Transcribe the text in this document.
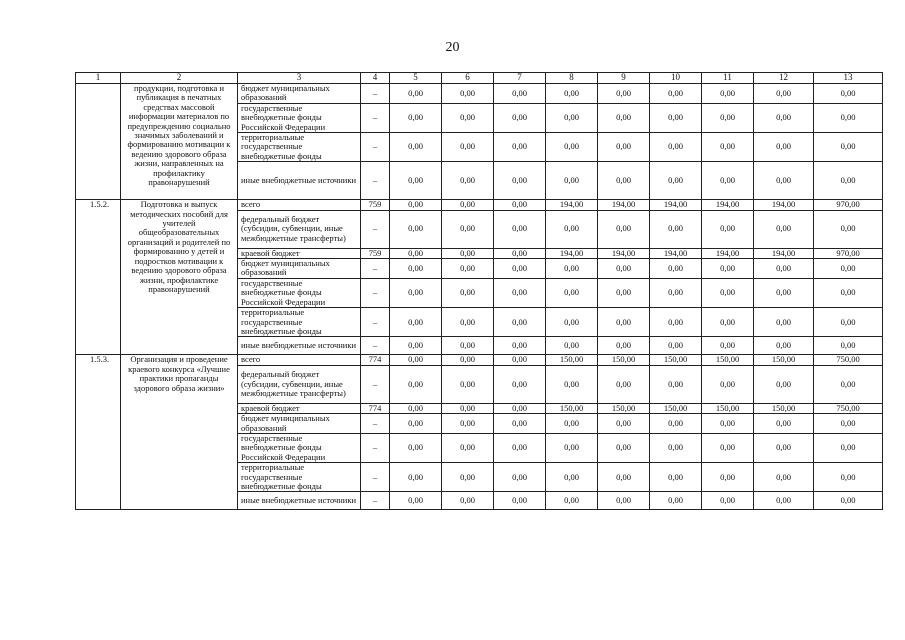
20
1	2	3	4	5	6	7	8	9	10	11	12	13
	продукции, подготовка и публикация в печатных средствах массовой информации материалов по предупреждению социально значимых заболеваний и формированию мотивации к ведению здорового образа жизни, направленных на профилактику правонарушений	бюджет муниципальных образований	–	0,00	0,00	0,00	0,00	0,00	0,00	0,00	0,00	0,00
		государственные внебюджетные фонды Российской Федерации	–	0,00	0,00	0,00	0,00	0,00	0,00	0,00	0,00	0,00
		территориальные государственные внебюджетные фонды	–	0,00	0,00	0,00	0,00	0,00	0,00	0,00	0,00	0,00
		иные внебюджетные источники	–	0,00	0,00	0,00	0,00	0,00	0,00	0,00	0,00	0,00
1.5.2.	Подготовка и выпуск методических пособий для учителей общеобразовательных организаций и родителей по формированию у детей и подростков мотивации к ведению здорового образа жизни, профилактике правонарушений	всего	759	0,00	0,00	0,00	194,00	194,00	194,00	194,00	194,00	970,00
		федеральный бюджет (субсидии, субвенции, иные межбюджетные трансферты)	–	0,00	0,00	0,00	0,00	0,00	0,00	0,00	0,00	0,00
		краевой бюджет	759	0,00	0,00	0,00	194,00	194,00	194,00	194,00	194,00	970,00
		бюджет муниципальных образований	–	0,00	0,00	0,00	0,00	0,00	0,00	0,00	0,00	0,00
		государственные внебюджетные фонды Российской Федерации	–	0,00	0,00	0,00	0,00	0,00	0,00	0,00	0,00	0,00
		территориальные государственные внебюджетные фонды	–	0,00	0,00	0,00	0,00	0,00	0,00	0,00	0,00	0,00
		иные внебюджетные источники	–	0,00	0,00	0,00	0,00	0,00	0,00	0,00	0,00	0,00
1.5.3.	Организация и проведение краевого конкурса «Лучшие практики пропаганды здорового образа жизни»	всего	774	0,00	0,00	0,00	150,00	150,00	150,00	150,00	150,00	750,00
		федеральный бюджет (субсидии, субвенции, иные межбюджетные трансферты)	–	0,00	0,00	0,00	0,00	0,00	0,00	0,00	0,00	0,00
		краевой бюджет	774	0,00	0,00	0,00	150,00	150,00	150,00	150,00	150,00	750,00
		бюджет муниципальных образований	–	0,00	0,00	0,00	0,00	0,00	0,00	0,00	0,00	0,00
		государственные внебюджетные фонды Российской Федерации	–	0,00	0,00	0,00	0,00	0,00	0,00	0,00	0,00	0,00
		территориальные государственные внебюджетные фонды	–	0,00	0,00	0,00	0,00	0,00	0,00	0,00	0,00	0,00
		иные внебюджетные источники	–	0,00	0,00	0,00	0,00	0,00	0,00	0,00	0,00	0,00
